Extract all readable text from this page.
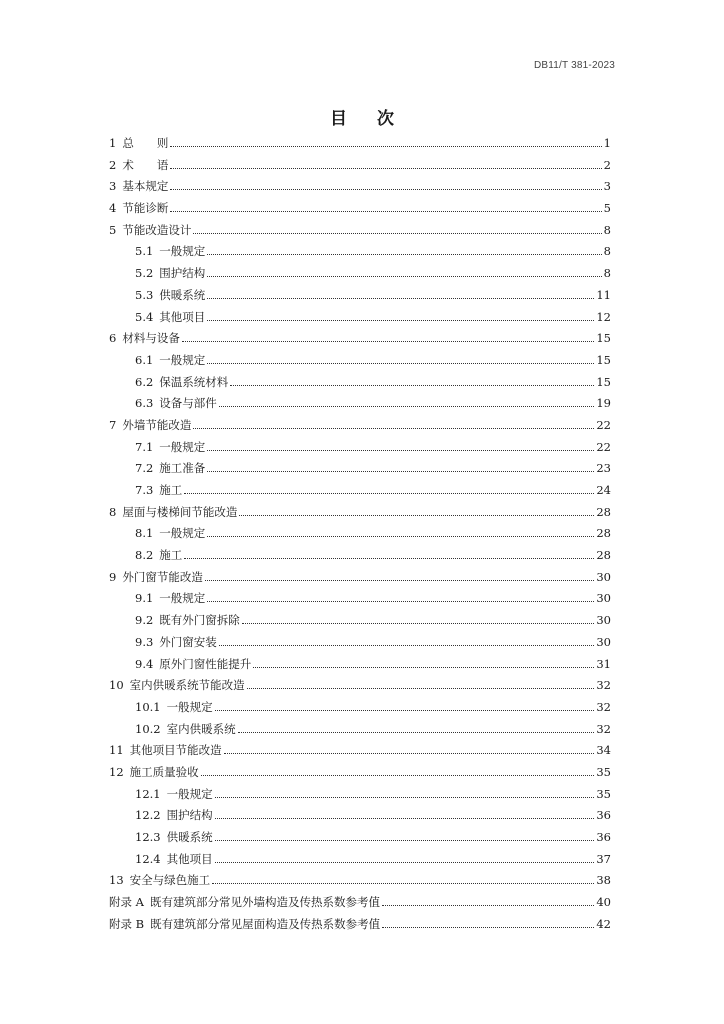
DB11/T 381-2023
目 次
1 总　　则	1
2 术　　语	2
3 基本规定	3
4 节能诊断	5
5 节能改造设计	8
5.1 一般规定	8
5.2 围护结构	8
5.3 供暖系统	11
5.4 其他项目	12
6 材料与设备	15
6.1 一般规定	15
6.2 保温系统材料	15
6.3 设备与部件	19
7 外墙节能改造	22
7.1 一般规定	22
7.2 施工准备	23
7.3 施工	24
8 屋面与楼梯间节能改造	28
8.1 一般规定	28
8.2 施工	28
9 外门窗节能改造	30
9.1 一般规定	30
9.2 既有外门窗拆除	30
9.3 外门窗安装	30
9.4 原外门窗性能提升	31
10 室内供暖系统节能改造	32
10.1 一般规定	32
10.2 室内供暖系统	32
11 其他项目节能改造	34
12 施工质量验收	35
12.1 一般规定	35
12.2 围护结构	36
12.3 供暖系统	36
12.4 其他项目	37
13 安全与绿色施工	38
附录 A 既有建筑部分常见外墙构造及传热系数参考值	40
附录 B 既有建筑部分常见屋面构造及传热系数参考值	42
